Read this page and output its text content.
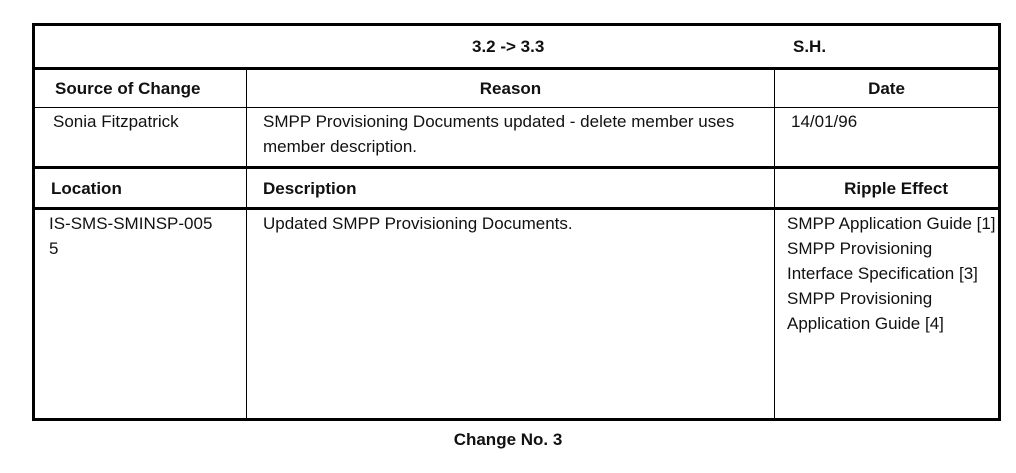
3.2 -> 3.3 S.H.		

Source of Change	Reason	Date
Sonia Fitzpatrick	SMPP Provisioning Documents updated - delete member uses member description.	14/01/96
Location	Description	Ripple Effect

IS-SMS-SMINSP-0055	Updated SMPP Provisioning Documents.	SMPP Application Guide [1]
SMPP Provisioning Interface Specification [3]
SMPP Provisioning Application Guide [4]
Change No. 3
